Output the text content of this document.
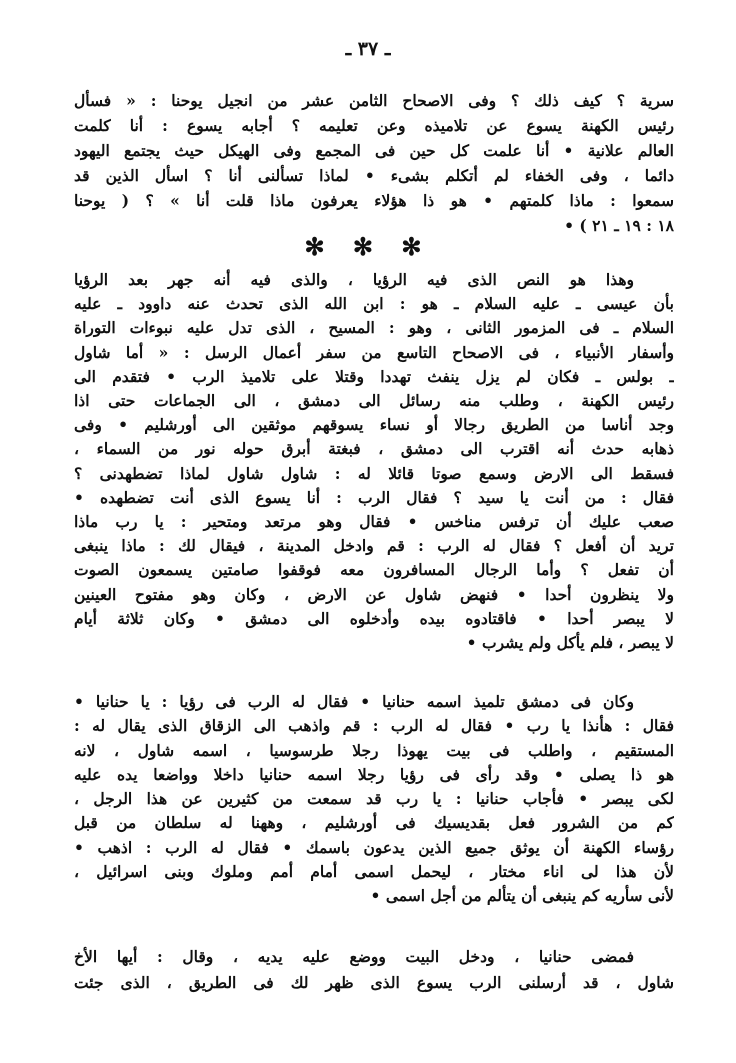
ـ ٣٧ ـ
سرية ؟ كيف ذلك ؟ وفى الاصحاح الثامن عشر من انجيل يوحنا : « فسأل
رئيس الكهنة يسوع عن تلاميذه وعن تعليمه ؟ أجابه يسوع : أنا كلمت
العالم علانية • أنا علمت كل حين فى المجمع وفى الهيكل حيث يجتمع اليهود
دائما ، وفى الخفاء لم أتكلم بشىء • لماذا تسألنى أنا ؟ اسأل الذين قد
سمعوا : ماذا كلمتهم • هو ذا هؤلاء يعرفون ماذا قلت أنا » ؟ ( يوحنا
١٨ : ١٩ ـ ٢١ ) •
✻ ✻ ✻
وهذا هو النص الذى فيه الرؤيا ، والذى فيه أنه جهر بعد الرؤيا
بأن عيسى ـ عليه السلام ـ هو : ابن الله الذى تحدث عنه داوود ـ عليه
السلام ـ فى المزمور الثانى ، وهو : المسيح ، الذى تدل عليه نبوءات التوراة
وأسفار الأنبياء ، فى الاصحاح التاسع من سفر أعمال الرسل : « أما شاول
ـ بولس ـ فكان لم يزل ينفث تهددا وقتلا على تلاميذ الرب • فتقدم الى
رئيس الكهنة ، وطلب منه رسائل الى دمشق ، الى الجماعات حتى اذا
وجد أناسا من الطريق رجالا أو نساء يسوقهم موثقين الى أورشليم • وفى
ذهابه حدث أنه اقترب الى دمشق ، فبغتة أبرق حوله نور من السماء ،
فسقط الى الارض وسمع صوتا قائلا له : شاول شاول لماذا تضطهدنى ؟
فقال : من أنت يا سيد ؟ فقال الرب : أنا يسوع الذى أنت تضطهده •
صعب عليك أن ترفس مناخس • فقال وهو مرتعد ومتحير : يا رب ماذا
تريد أن أفعل ؟ فقال له الرب : قم وادخل المدينة ، فيقال لك : ماذا ينبغى
أن تفعل ؟ وأما الرجال المسافرون معه فوقفوا صامتين يسمعون الصوت
ولا ينظرون أحدا • فنهض شاول عن الارض ، وكان وهو مفتوح العينين
لا يبصر أحدا • فاقتادوه بيده وأدخلوه الى دمشق • وكان ثلاثة أيام
لا يبصر ، فلم يأكل ولم يشرب •
وكان فى دمشق تلميذ اسمه حنانيا • فقال له الرب فى رؤيا : يا حنانيا •
فقال : هأنذا يا رب • فقال له الرب : قم واذهب الى الزقاق الذى يقال له :
المستقيم ، واطلب فى بيت يهوذا رجلا طرسوسيا ، اسمه شاول ، لانه
هو ذا يصلى • وقد رأى فى رؤيا رجلا اسمه حنانيا داخلا وواضعا يده عليه
لكى يبصر • فأجاب حنانيا : يا رب قد سمعت من كثيرين عن هذا الرجل ،
كم من الشرور فعل بقديسيك فى أورشليم ، وههنا له سلطان من قبل
رؤساء الكهنة أن يوثق جميع الذين يدعون باسمك • فقال له الرب : اذهب •
لأن هذا لى اناء مختار ، ليحمل اسمى أمام أمم وملوك وبنى اسرائيل ،
لأنى سأريه كم ينبغى أن يتألم من أجل اسمى •
فمضى حنانيا ، ودخل البيت ووضع عليه يديه ، وقال : أيها الأخ
شاول ، قد أرسلنى الرب يسوع الذى ظهر لك فى الطريق ، الذى جئت
